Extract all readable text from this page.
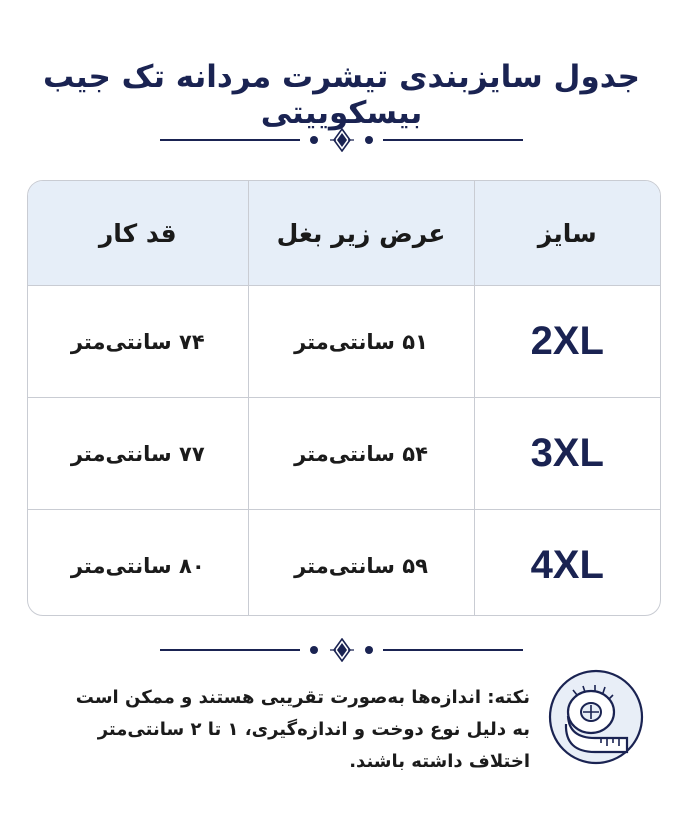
جدول سایزبندی تیشرت مردانه تک جیب بیسکوییتی
سایز	عرض زیر بغل	قد کار
2XL	۵۱ سانتی‌متر	۷۴ سانتی‌متر
3XL	۵۴ سانتی‌متر	۷۷ سانتی‌متر
4XL	۵۹ سانتی‌متر	۸۰ سانتی‌متر
نکته: اندازه‌ها به‌صورت تقریبی هستند و ممکن است
به دلیل نوع دوخت و اندازه‌گیری، ۱ تا ۲ سانتی‌متر
اختلاف داشته باشند.
